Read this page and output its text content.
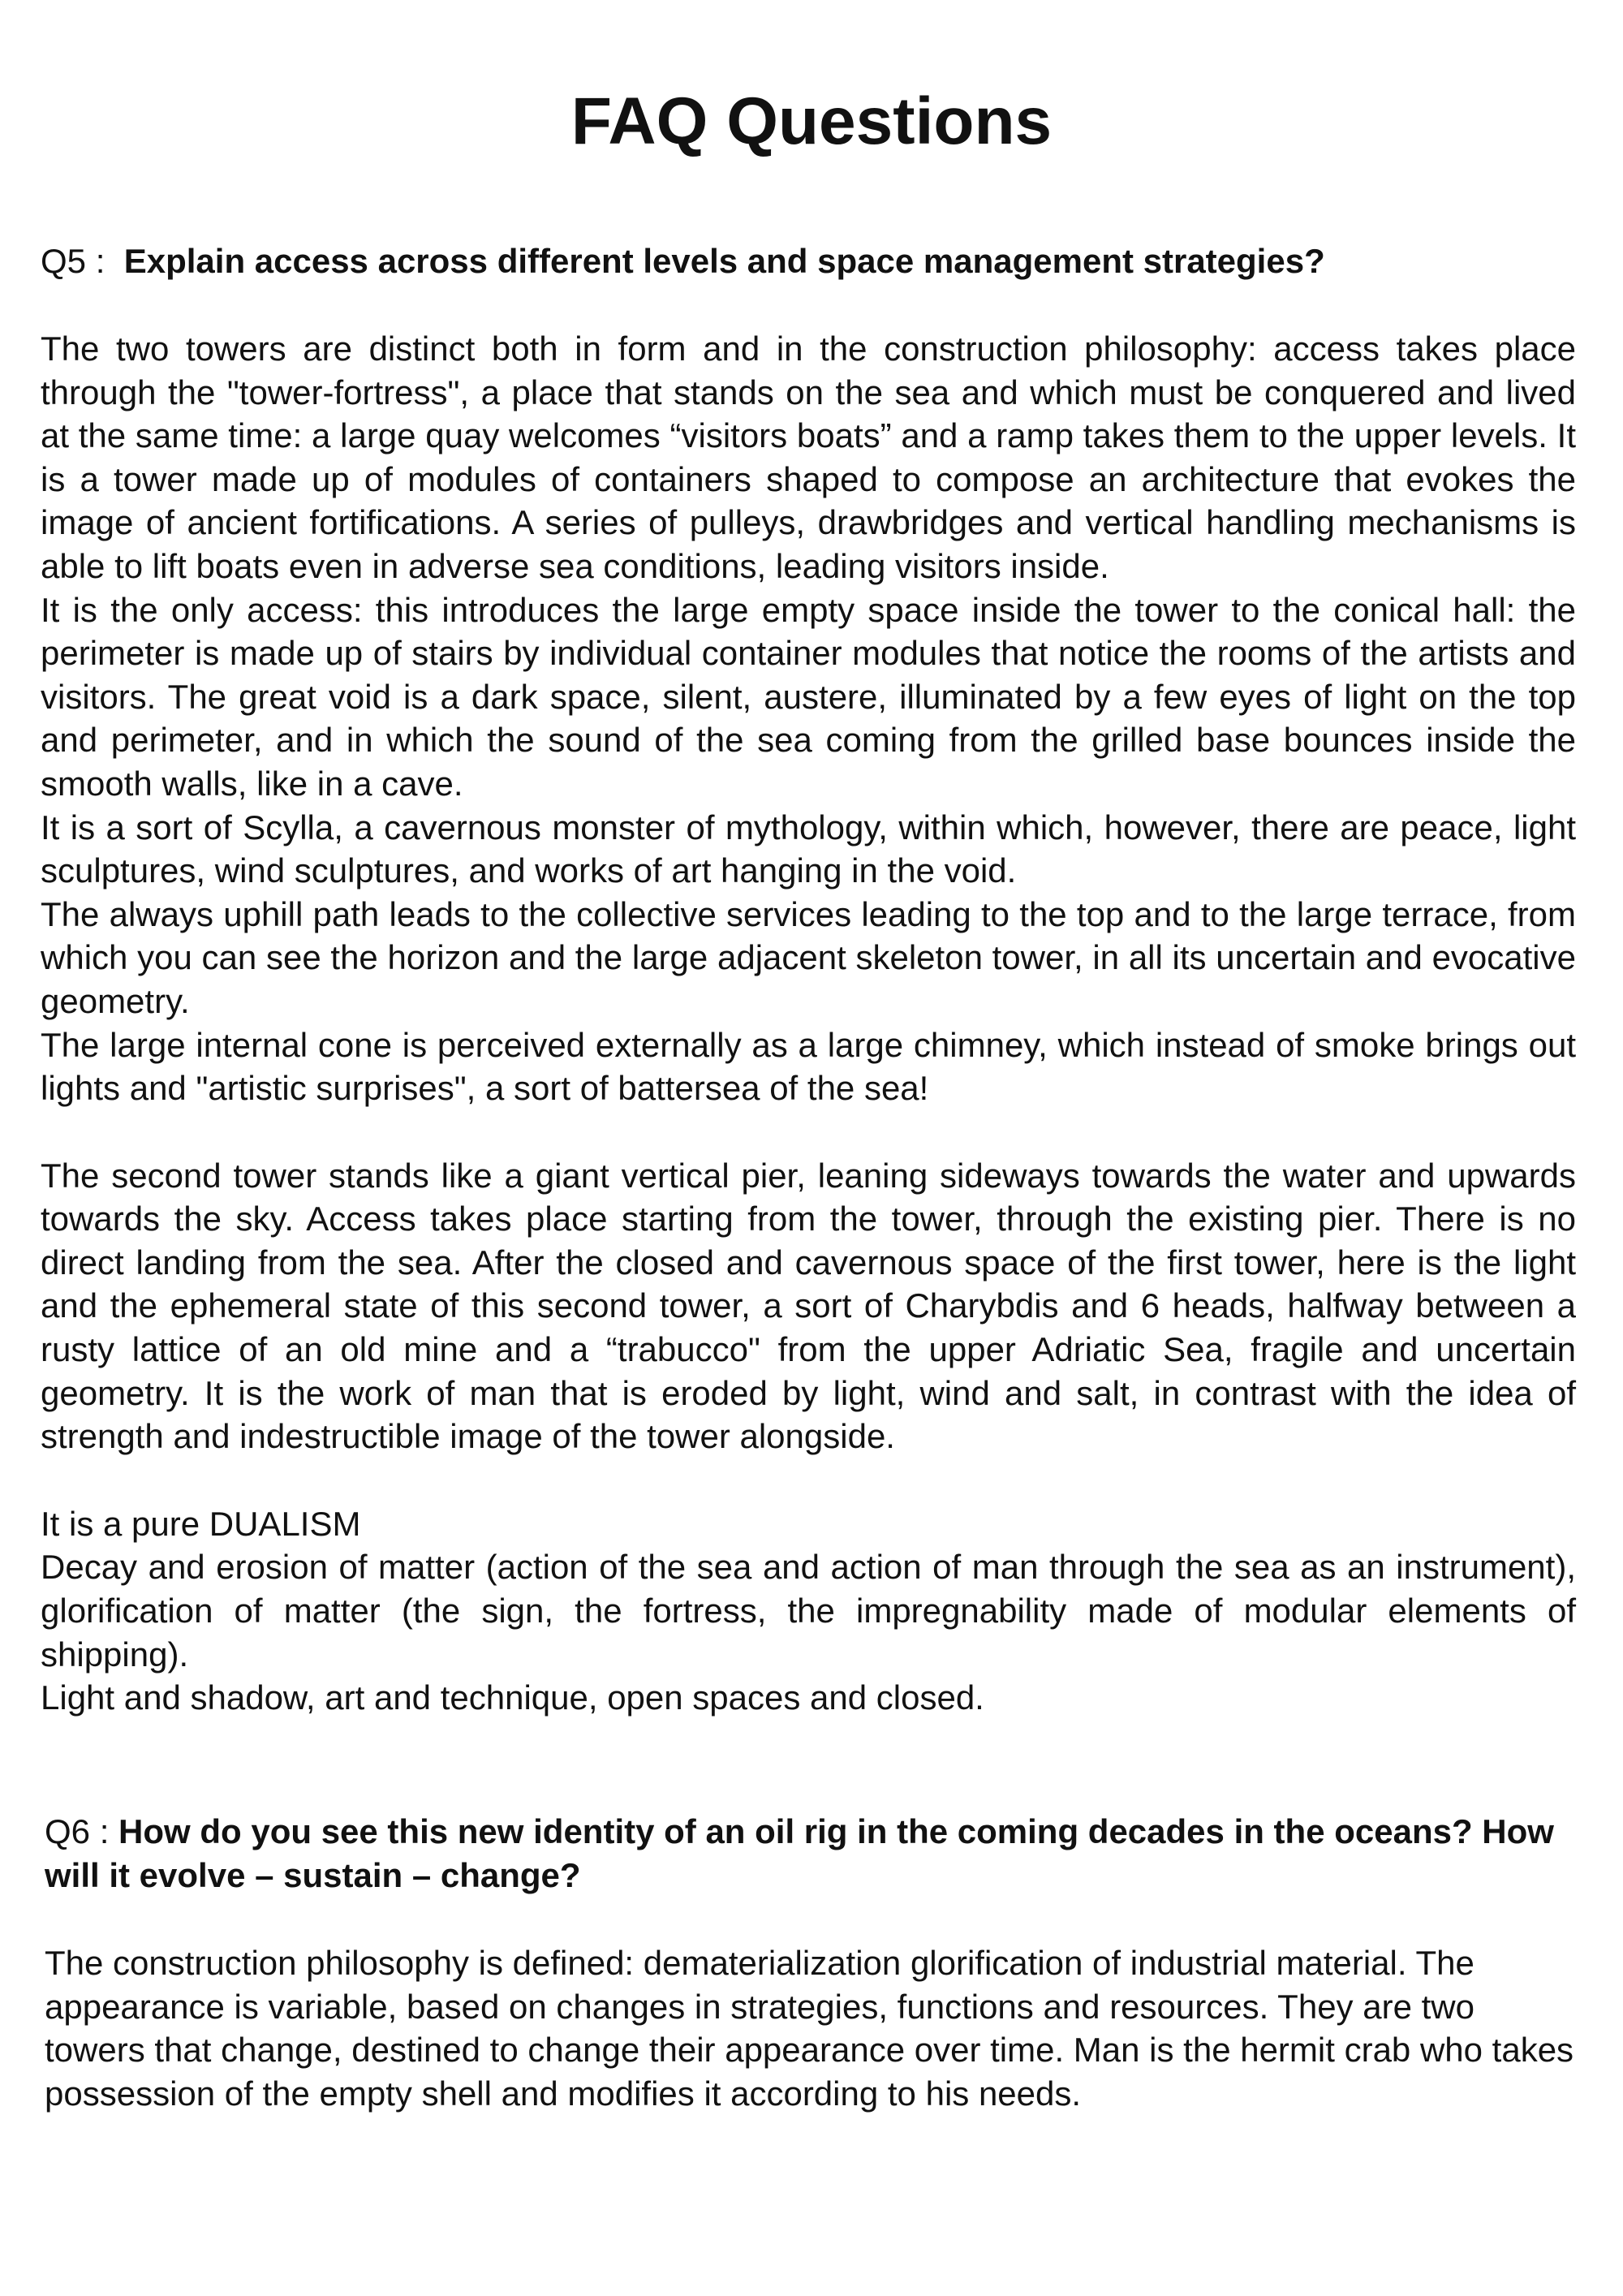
FAQ Questions

Q5 : Explain access across different levels and space management strategies?

The two towers are distinct both in form and in the construction philosophy: access takes place through the "tower-fortress", a place that stands on the sea and which must be conquered and lived at the same time: a large quay welcomes “visitors boats” and a ramp takes them to the upper levels. It is a tower made up of modules of containers shaped to compose an architecture that evokes the image of ancient fortifications. A series of pulleys, drawbridges and vertical handling mechanisms is able to lift boats even in adverse sea conditions, leading visitors inside.

It is the only access: this introduces the large empty space inside the tower to the conical hall: the perimeter is made up of stairs by individual container modules that notice the rooms of the artists and visitors. The great void is a dark space, silent, austere, illuminated by a few eyes of light on the top and perimeter, and in which the sound of the sea coming from the grilled base bounces inside the smooth walls, like in a cave.

It is a sort of Scylla, a cavernous monster of mythology, within which, however, there are peace, light sculptures, wind sculptures, and works of art hanging in the void.

The always uphill path leads to the collective services leading to the top and to the large terrace, from which you can see the horizon and the large adjacent skeleton tower, in all its uncertain and evocative geometry.

The large internal cone is perceived externally as a large chimney, which instead of smoke brings out lights and "artistic surprises", a sort of battersea of the sea!

The second tower stands like a giant vertical pier, leaning sideways towards the water and upwards towards the sky. Access takes place starting from the tower, through the existing pier. There is no direct landing from the sea. After the closed and cavernous space of the first tower, here is the light and the ephemeral state of this second tower, a sort of Charybdis and 6 heads, halfway between a rusty lattice of an old mine and a “trabucco" from the upper Adriatic Sea, fragile and uncertain geometry. It is the work of man that is eroded by light, wind and salt, in contrast with the idea of strength and indestructible image of the tower alongside.

It is a pure DUALISM

Decay and erosion of matter (action of the sea and action of man through the sea as an instrument), glorification of matter (the sign, the fortress, the impregnability made of modular elements of shipping).

Light and shadow, art and technique, open spaces and closed.

Q6 : How do you see this new identity of an oil rig in the coming decades in the oceans? How will it evolve – sustain – change?

The construction philosophy is defined: dematerialization glorification of industrial material. The appearance is variable, based on changes in strategies, functions and resources. They are two towers that change, destined to change their appearance over time. Man is the hermit crab who takes possession of the empty shell and modifies it according to his needs.
